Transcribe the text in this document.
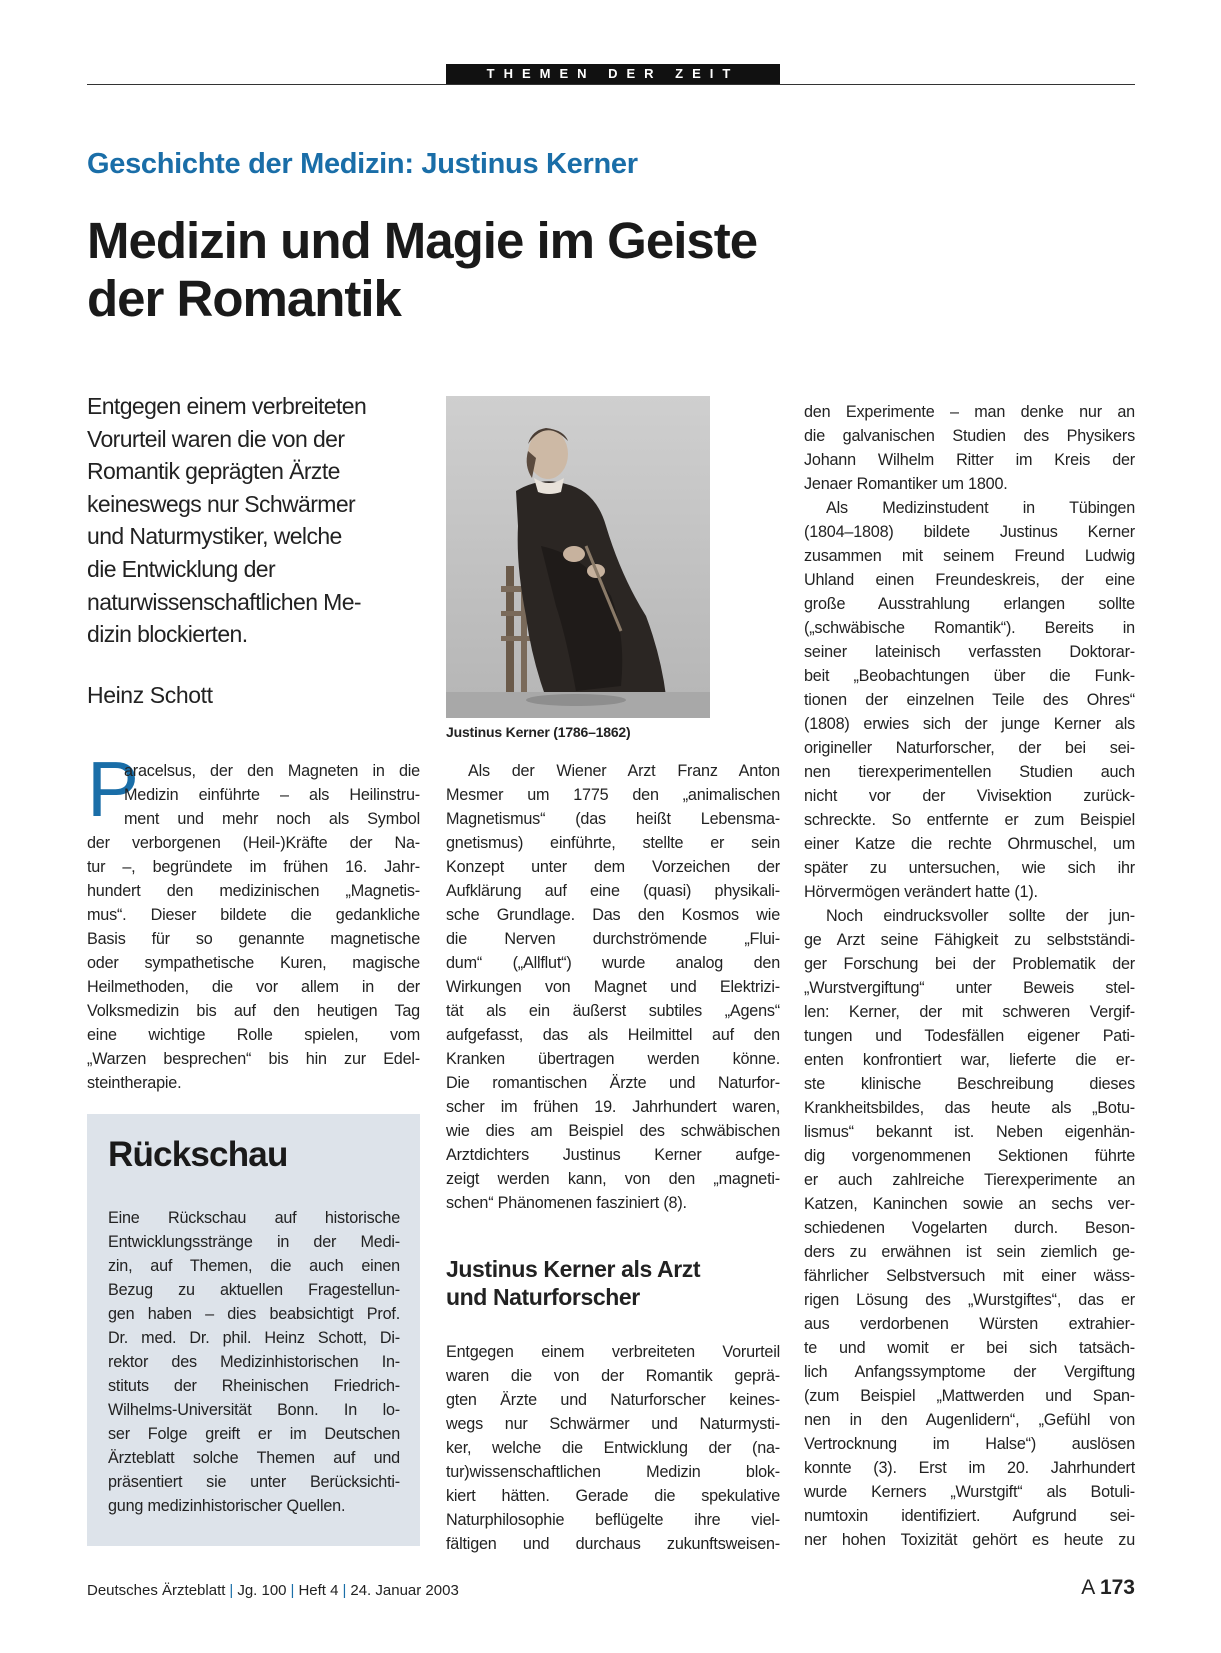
THEMEN DER ZEIT
Geschichte der Medizin: Justinus Kerner
Medizin und Magie im Geiste
der Romantik
Entgegen einem verbreiteten
Vorurteil waren die von der
Romantik geprägten Ärzte
keineswegs nur Schwärmer
und Naturmystiker, welche
die Entwicklung der
naturwissenschaftlichen Me-
dizin blockierten.
Heinz Schott
Justinus Kerner (1786–1862)
P
aracelsus, der den Magneten in die
Medizin einführte – als Heilinstru-
ment und mehr noch als Symbol
der verborgenen (Heil-)Kräfte der Na-
tur –, begründete im frühen 16. Jahr-
hundert den medizinischen „Magnetis-
mus“. Dieser bildete die gedankliche
Basis für so genannte magnetische
oder sympathetische Kuren, magische
Heilmethoden, die vor allem in der
Volksmedizin bis auf den heutigen Tag
eine wichtige Rolle spielen, vom
„Warzen besprechen“ bis hin zur Edel-
steintherapie.
Rückschau
Eine Rückschau auf historische
Entwicklungsstränge in der Medi-
zin, auf Themen, die auch einen
Bezug zu aktuellen Fragestellun-
gen haben – dies beabsichtigt Prof.
Dr. med. Dr. phil. Heinz Schott, Di-
rektor des Medizinhistorischen In-
stituts der Rheinischen Friedrich-
Wilhelms-Universität Bonn. In lo-
ser Folge greift er im Deutschen
Ärzteblatt solche Themen auf und
präsentiert sie unter Berücksichti-
gung medizinhistorischer Quellen.
Als der Wiener Arzt Franz Anton
Mesmer um 1775 den „animalischen
Magnetismus“ (das heißt Lebensma-
gnetismus) einführte, stellte er sein
Konzept unter dem Vorzeichen der
Aufklärung auf eine (quasi) physikali-
sche Grundlage. Das den Kosmos wie
die Nerven durchströmende „Flui-
dum“ („Allflut“) wurde analog den
Wirkungen von Magnet und Elektrizi-
tät als ein äußerst subtiles „Agens“
aufgefasst, das als Heilmittel auf den
Kranken übertragen werden könne.
Die romantischen Ärzte und Naturfor-
scher im frühen 19. Jahrhundert waren,
wie dies am Beispiel des schwäbischen
Arztdichters Justinus Kerner aufge-
zeigt werden kann, von den „magneti-
schen“ Phänomenen fasziniert (8).
Justinus Kerner als Arzt
und Naturforscher
Entgegen einem verbreiteten Vorurteil
waren die von der Romantik geprä-
gten Ärzte und Naturforscher keines-
wegs nur Schwärmer und Naturmysti-
ker, welche die Entwicklung der (na-
tur)wissenschaftlichen Medizin blok-
kiert hätten. Gerade die spekulative
Naturphilosophie beflügelte ihre viel-
fältigen und durchaus zukunftsweisen-
den Experimente – man denke nur an
die galvanischen Studien des Physikers
Johann Wilhelm Ritter im Kreis der
Jenaer Romantiker um 1800.
Als Medizinstudent in Tübingen
(1804–1808) bildete Justinus Kerner
zusammen mit seinem Freund Ludwig
Uhland einen Freundeskreis, der eine
große Ausstrahlung erlangen sollte
(„schwäbische Romantik“). Bereits in
seiner lateinisch verfassten Doktorar-
beit „Beobachtungen über die Funk-
tionen der einzelnen Teile des Ohres“
(1808) erwies sich der junge Kerner als
origineller Naturforscher, der bei sei-
nen tierexperimentellen Studien auch
nicht vor der Vivisektion zurück-
schreckte. So entfernte er zum Beispiel
einer Katze die rechte Ohrmuschel, um
später zu untersuchen, wie sich ihr
Hörvermögen verändert hatte (1).
Noch eindrucksvoller sollte der jun-
ge Arzt seine Fähigkeit zu selbstständi-
ger Forschung bei der Problematik der
„Wurstvergiftung“ unter Beweis stel-
len: Kerner, der mit schweren Vergif-
tungen und Todesfällen eigener Pati-
enten konfrontiert war, lieferte die er-
ste klinische Beschreibung dieses
Krankheitsbildes, das heute als „Botu-
lismus“ bekannt ist. Neben eigenhän-
dig vorgenommenen Sektionen führte
er auch zahlreiche Tierexperimente an
Katzen, Kaninchen sowie an sechs ver-
schiedenen Vogelarten durch. Beson-
ders zu erwähnen ist sein ziemlich ge-
fährlicher Selbstversuch mit einer wäss-
rigen Lösung des „Wurstgiftes“, das er
aus verdorbenen Würsten extrahier-
te und womit er bei sich tatsäch-
lich Anfangssymptome der Vergiftung
(zum Beispiel „Mattwerden und Span-
nen in den Augenlidern“, „Gefühl von
Vertrocknung im Halse“) auslösen
konnte (3). Erst im 20. Jahrhundert
wurde Kerners „Wurstgift“ als Botuli-
numtoxin identifiziert. Aufgrund sei-
ner hohen Toxizität gehört es heute zu
Deutsches Ärzteblatt | Jg. 100 | Heft 4 | 24. Januar 2003	A 173
